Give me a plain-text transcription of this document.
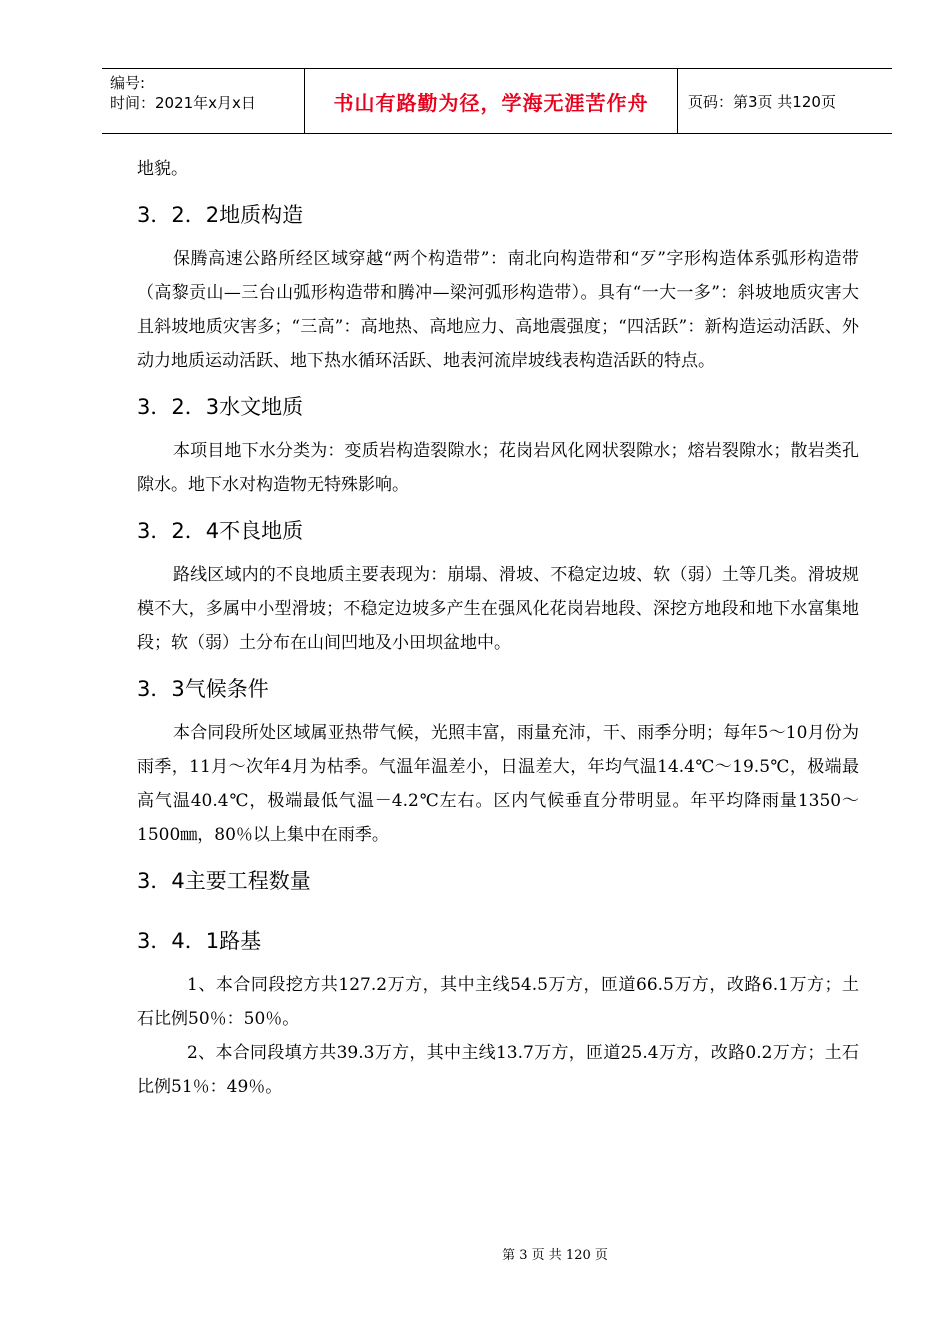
编号:
时间：2021年x月x日	书山有路勤为径，学海无涯苦作舟	页码：第3页 共120页

地貌。

3．2．2地质构造

保腾高速公路所经区域穿越“两个构造带”：南北向构造带和“歹”字形构造体系弧形构造带（高黎贡山—三台山弧形构造带和腾冲—梁河弧形构造带）。具有“一大一多”：斜坡地质灾害大且斜坡地质灾害多；“三高”：高地热、高地应力、高地震强度；“四活跃”：新构造运动活跃、外动力地质运动活跃、地下热水循环活跃、地表河流岸坡线表构造活跃的特点。

3．2．3水文地质

本项目地下水分类为：变质岩构造裂隙水；花岗岩风化网状裂隙水；熔岩裂隙水；散岩类孔隙水。地下水对构造物无特殊影响。

3．2．4不良地质

路线区域内的不良地质主要表现为：崩塌、滑坡、不稳定边坡、软（弱）土等几类。滑坡规模不大，多属中小型滑坡；不稳定边坡多产生在强风化花岗岩地段、深挖方地段和地下水富集地段；软（弱）土分布在山间凹地及小田坝盆地中。

3．3气候条件

本合同段所处区域属亚热带气候，光照丰富，雨量充沛，干、雨季分明；每年5～10月份为雨季，11月～次年4月为枯季。气温年温差小，日温差大，年均气温14.4℃～19.5℃，极端最高气温40.4℃，极端最低气温－4.2℃左右。区内气候垂直分带明显。年平均降雨量1350～1500㎜，80％以上集中在雨季。

3．4主要工程数量
3．4．1路基

1、本合同段挖方共127.2万方，其中主线54.5万方，匝道66.5万方，改路6.1万方；土石比例50％：50％。

2、本合同段填方共39.3万方，其中主线13.7万方，匝道25.4万方，改路0.2万方；土石比例51％：49％。

第 3 页 共 120 页
